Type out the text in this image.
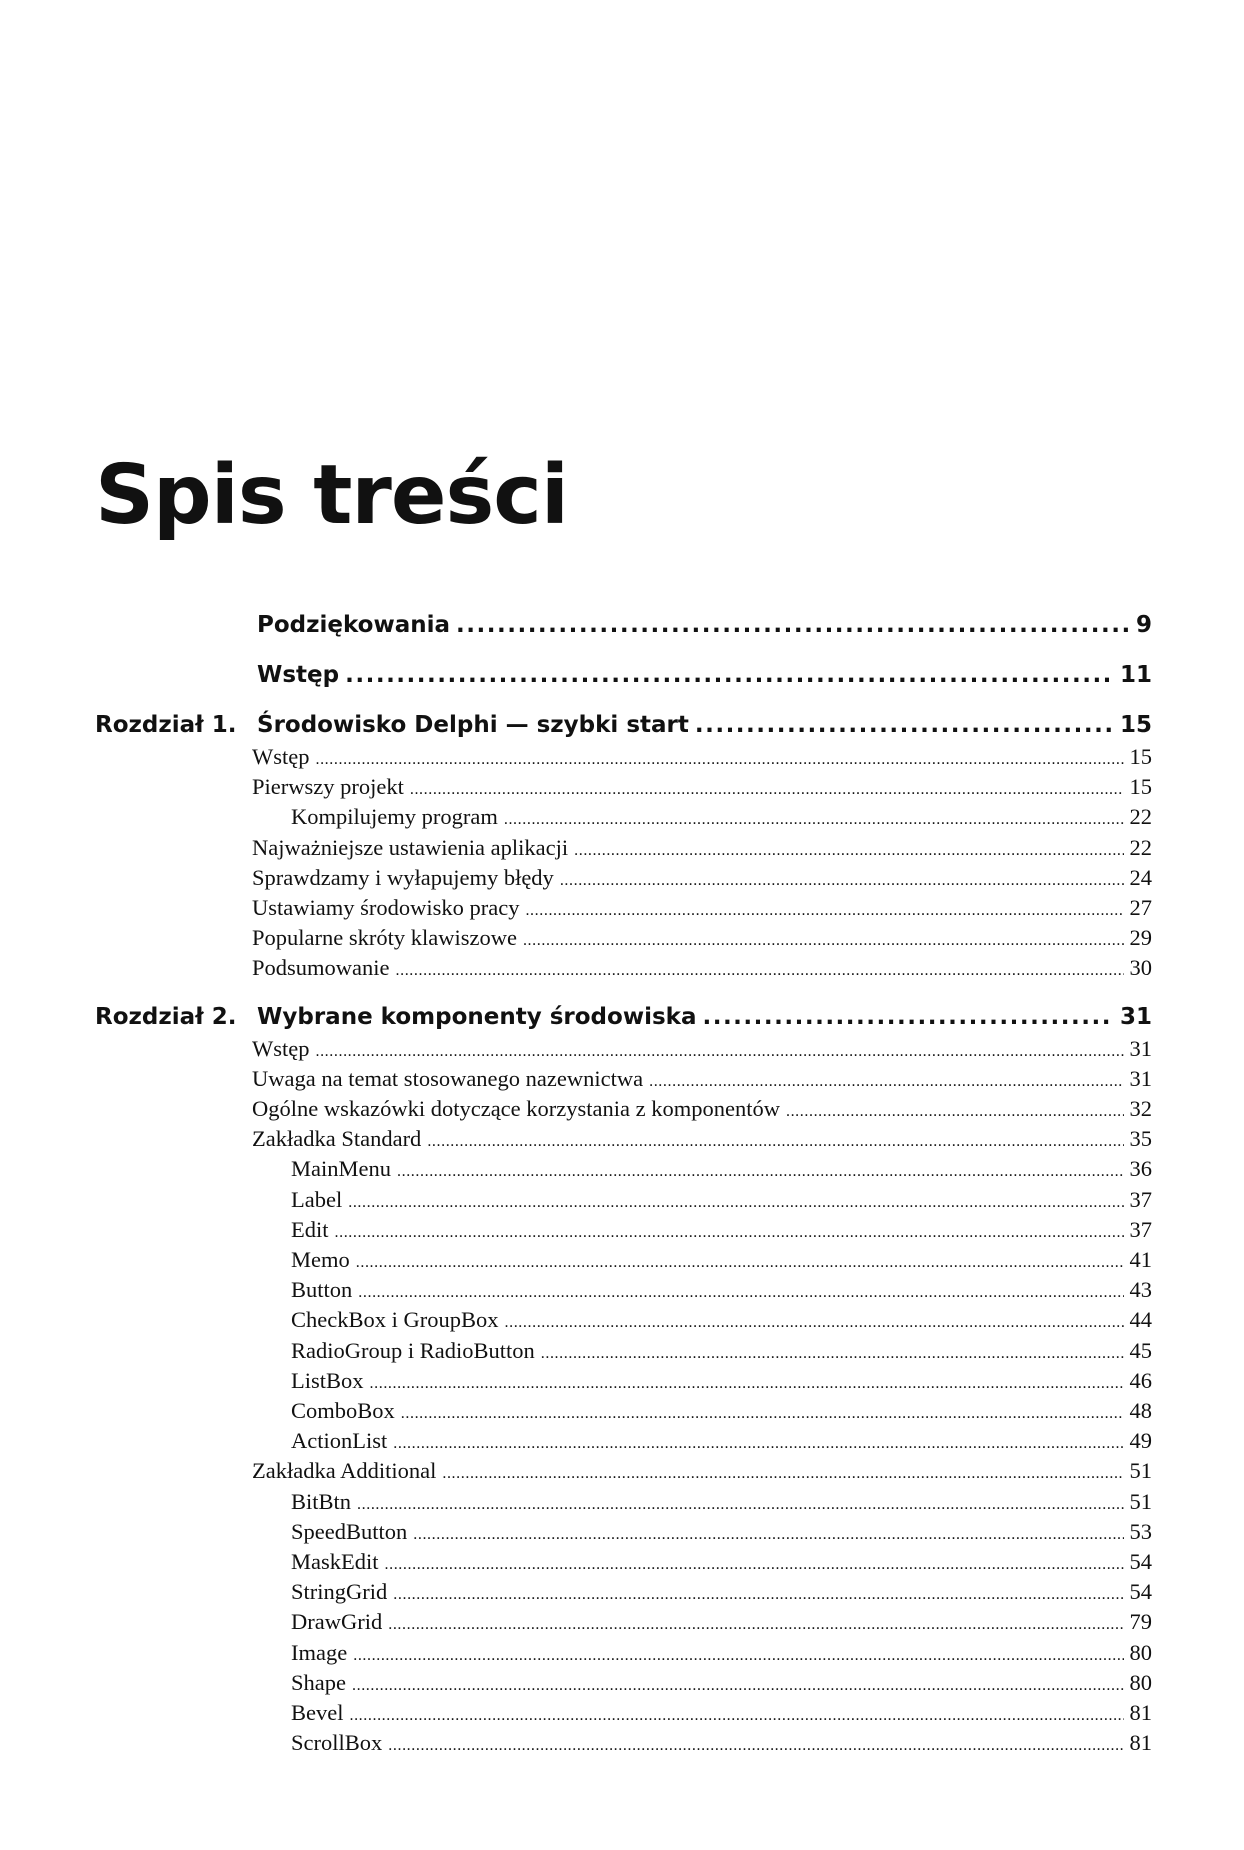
Spis treści
Podziękowania .....	9
Wstęp .....	11
Rozdział 1. Środowisko Delphi — szybki start .....	15
Wstęp .....	15
Pierwszy projekt .....	15
Kompilujemy program .....	22
Najważniejsze ustawienia aplikacji .....	22
Sprawdzamy i wyłapujemy błędy .....	24
Ustawiamy środowisko pracy .....	27
Popularne skróty klawiszowe .....	29
Podsumowanie .....	30
Rozdział 2. Wybrane komponenty środowiska .....	31
Wstęp .....	31
Uwaga na temat stosowanego nazewnictwa .....	31
Ogólne wskazówki dotyczące korzystania z komponentów .....	32
Zakładka Standard .....	35
MainMenu .....	36
Label .....	37
Edit .....	37
Memo .....	41
Button .....	43
CheckBox i GroupBox .....	44
RadioGroup i RadioButton .....	45
ListBox .....	46
ComboBox .....	48
ActionList .....	49
Zakładka Additional .....	51
BitBtn .....	51
SpeedButton .....	53
MaskEdit .....	54
StringGrid .....	54
DrawGrid .....	79
Image .....	80
Shape .....	80
Bevel .....	81
ScrollBox .....	81
